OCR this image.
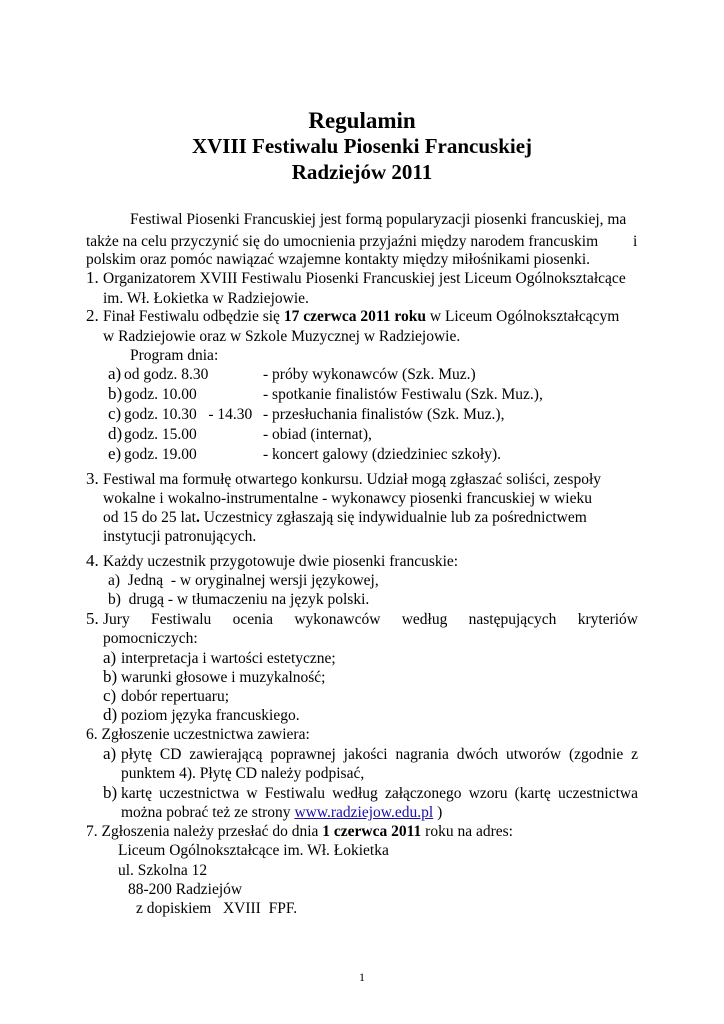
Regulamin
XVIII Festiwalu Piosenki Francuskiej
Radziejów 2011
Festiwal Piosenki Francuskiej jest formą popularyzacji piosenki francuskiej, ma
także na celu przyczynić się do umocnienia przyjaźni między narodem francuskim i
polskim oraz pomóc nawiązać wzajemne kontakty między miłośnikami piosenki.
1. Organizatorem XVIII Festiwalu Piosenki Francuskiej jest Liceum Ogólnokształcące
im. Wł. Łokietka w Radziejowie.
2. Finał Festiwalu odbędzie się 17 czerwca 2011 roku w Liceum Ogólnokształcącym
w Radziejowie oraz w Szkole Muzycznej w Radziejowie.
Program dnia:
a) od godz. 8.30	- próby wykonawców (Szk. Muz.)
b) godz. 10.00	- spotkanie finalistów Festiwalu (Szk. Muz.),
c) godz. 10.30   - 14.30 - przesłuchania finalistów (Szk. Muz.),
d) godz. 15.00	- obiad (internat),
e) godz. 19.00	- koncert galowy (dziedziniec szkoły).
3. Festiwal ma formułę otwartego konkursu. Udział mogą zgłaszać soliści, zespoły
wokalne i wokalno-instrumentalne - wykonawcy piosenki francuskiej w wieku
od 15 do 25 lat. Uczestnicy zgłaszają się indywidualnie lub za pośrednictwem
instytucji patronujących.
4. Każdy uczestnik przygotowuje dwie piosenki francuskie:
a)  Jedną  - w oryginalnej wersji językowej,
b)  drugą - w tłumaczeniu na język polski.
5. Jury Festiwalu ocenia wykonawców według następujących kryteriów
pomocniczych:
a) interpretacja i wartości estetyczne;
b) warunki głosowe i muzykalność;
c) dobór repertuaru;
d) poziom języka francuskiego.
6. Zgłoszenie uczestnictwa zawiera:
a) płytę CD zawierającą poprawnej jakości nagrania dwóch utworów (zgodnie z
punktem 4). Płytę CD należy podpisać,
b) kartę uczestnictwa w Festiwalu według załączonego wzoru (kartę uczestnictwa
można pobrać też ze strony www.radziejow.edu.pl )
7. Zgłoszenia należy przesłać do dnia 1 czerwca 2011 roku na adres:
Liceum Ogólnokształcące im. Wł. Łokietka
ul. Szkolna 12
88-200 Radziejów
z dopiskiem   XVIII  FPF.
1
